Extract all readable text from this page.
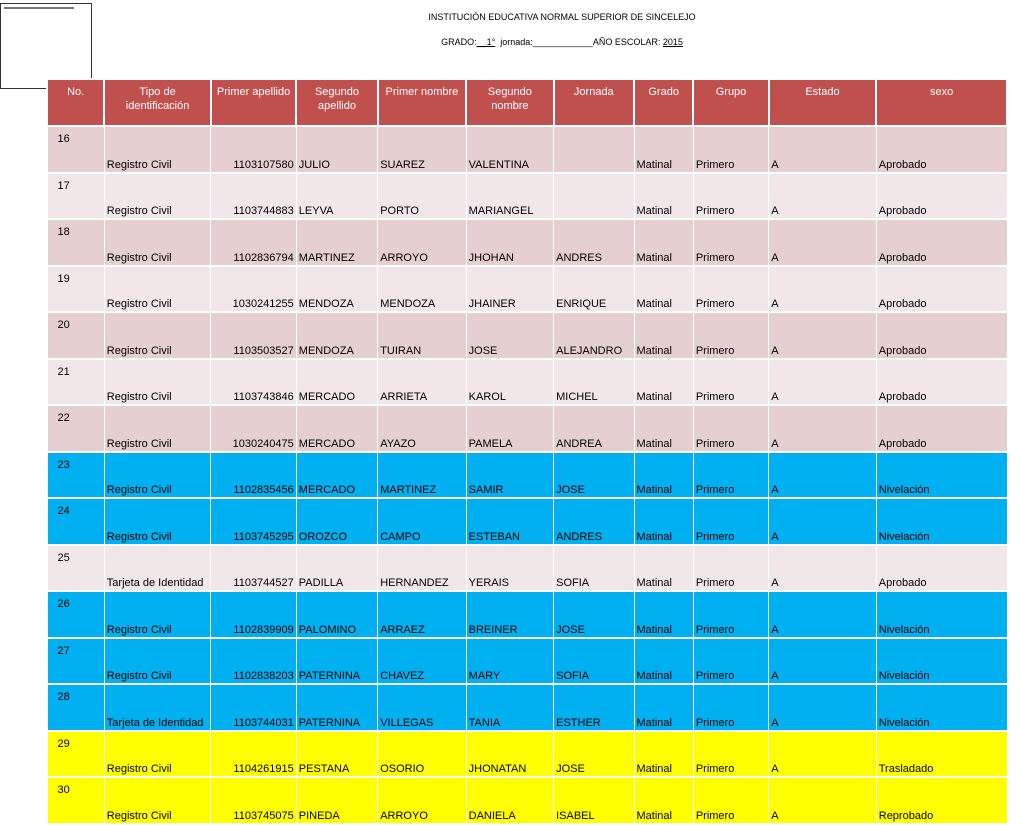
INSTITUCIÓN EDUCATIVA NORMAL SUPERIOR DE SINCELEJO
GRADO:__1° jornada:____________AÑO ESCOLAR: 2015
No.	Tipo de identificación	Primer apellido	Segundo apellido	Primer nombre	Segundo nombre	Jornada	Grado	Grupo	Estado	sexo
16	Registro Civil	1103107580	JULIO	SUAREZ	VALENTINA		Matinal	Primero	A	Aprobado
17	Registro Civil	1103744883	LEYVA	PORTO	MARIANGEL		Matinal	Primero	A	Aprobado
18	Registro Civil	1102836794	MARTINEZ	ARROYO	JHOHAN	ANDRES	Matinal	Primero	A	Aprobado
19	Registro Civil	1030241255	MENDOZA	MENDOZA	JHAINER	ENRIQUE	Matinal	Primero	A	Aprobado
20	Registro Civil	1103503527	MENDOZA	TUIRAN	JOSE	ALEJANDRO	Matinal	Primero	A	Aprobado
21	Registro Civil	1103743846	MERCADO	ARRIETA	KAROL	MICHEL	Matinal	Primero	A	Aprobado
22	Registro Civil	1030240475	MERCADO	AYAZO	PAMELA	ANDREA	Matinal	Primero	A	Aprobado
23	Registro Civil	1102835456	MERCADO	MARTINEZ	SAMIR	JOSE	Matinal	Primero	A	Nivelación
24	Registro Civil	1103745295	OROZCO	CAMPO	ESTEBAN	ANDRES	Matinal	Primero	A	Nivelación
25	Tarjeta de Identidad	1103744527	PADILLA	HERNANDEZ	YERAIS	SOFIA	Matinal	Primero	A	Aprobado
26	Registro Civil	1102839909	PALOMINO	ARRAEZ	BREINER	JOSE	Matinal	Primero	A	Nivelación
27	Registro Civil	1102838203	PATERNINA	CHAVEZ	MARY	SOFIA	Matinal	Primero	A	Nivelación
28	Tarjeta de Identidad	1103744031	PATERNINA	VILLEGAS	TANIA	ESTHER	Matinal	Primero	A	Nivelación
29	Registro Civil	1104261915	PESTANA	OSORIO	JHONATAN	JOSE	Matinal	Primero	A	Trasladado
30	Registro Civil	1103745075	PINEDA	ARROYO	DANIELA	ISABEL	Matinal	Primero	A	Reprobado
